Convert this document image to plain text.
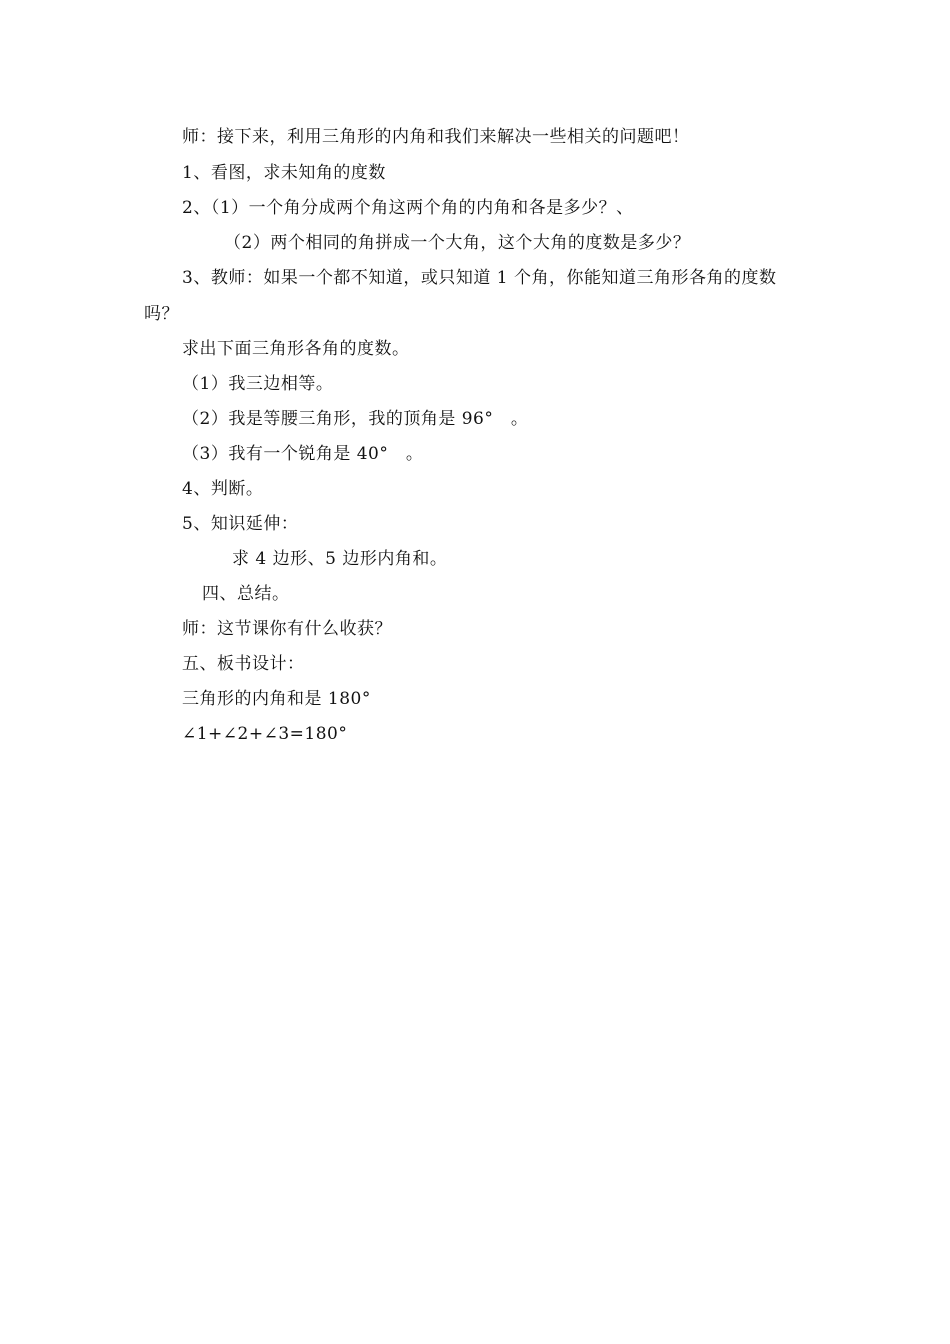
师：接下来，利用三角形的内角和我们来解决一些相关的问题吧！
1、看图，求未知角的度数
2、（1）一个角分成两个角这两个角的内角和各是多少？、
（2）两个相同的角拼成一个大角，这个大角的度数是多少？
3、教师：如果一个都不知道，或只知道 1 个角，你能知道三角形各角的度数
吗？
求出下面三角形各角的度数。
（1）我三边相等。
（2）我是等腰三角形，我的顶角是 96°　。
（3）我有一个锐角是 40°　。
4、判断。
5、知识延伸：
求 4 边形、5 边形内角和。
四、总结。
师：这节课你有什么收获？
五、板书设计：
三角形的内角和是 180°
∠1+∠2+∠3=180°
